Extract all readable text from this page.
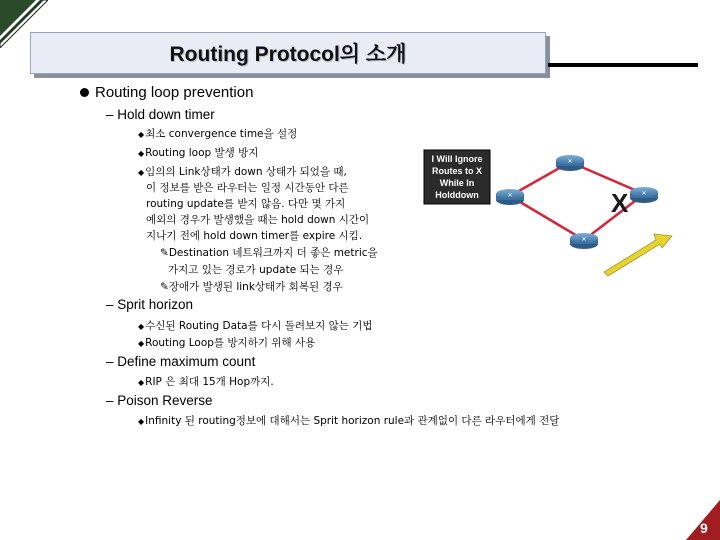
Routing Protocol의 소개
Routing loop prevention
– Hold down timer
◆최소 convergence time을 설정
◆Routing loop 발생 방지
◆임의의 Link상태가 down 상태가 되었을 때,
이 정보를 받은 라우터는 일정 시간동안 다른
routing update를 받지 않음. 다만 몇 가지
예외의 경우가 발생했을 때는 hold down 시간이
지나기 전에 hold down timer를 expire 시킴.
✎Destination 네트워크까지 더 좋은 metric을
가지고 있는 경로가 update 되는 경우
✎장애가 발생된 link상태가 회복된 경우
– Sprit horizon
◆수신된 Routing Data를 다시 돌려보지 않는 기법
◆Routing Loop를 방지하기 위해 사용
– Define maximum count
◆RIP 은 최대 15개 Hop까지.
– Poison Reverse
◆Infinity 된 routing정보에 대해서는 Sprit horizon rule과 관계없이 다른 라우터에게 전달
✕
✕
✕
✕
X
I Will Ignore
Routes to X
While In
Holddown
9
